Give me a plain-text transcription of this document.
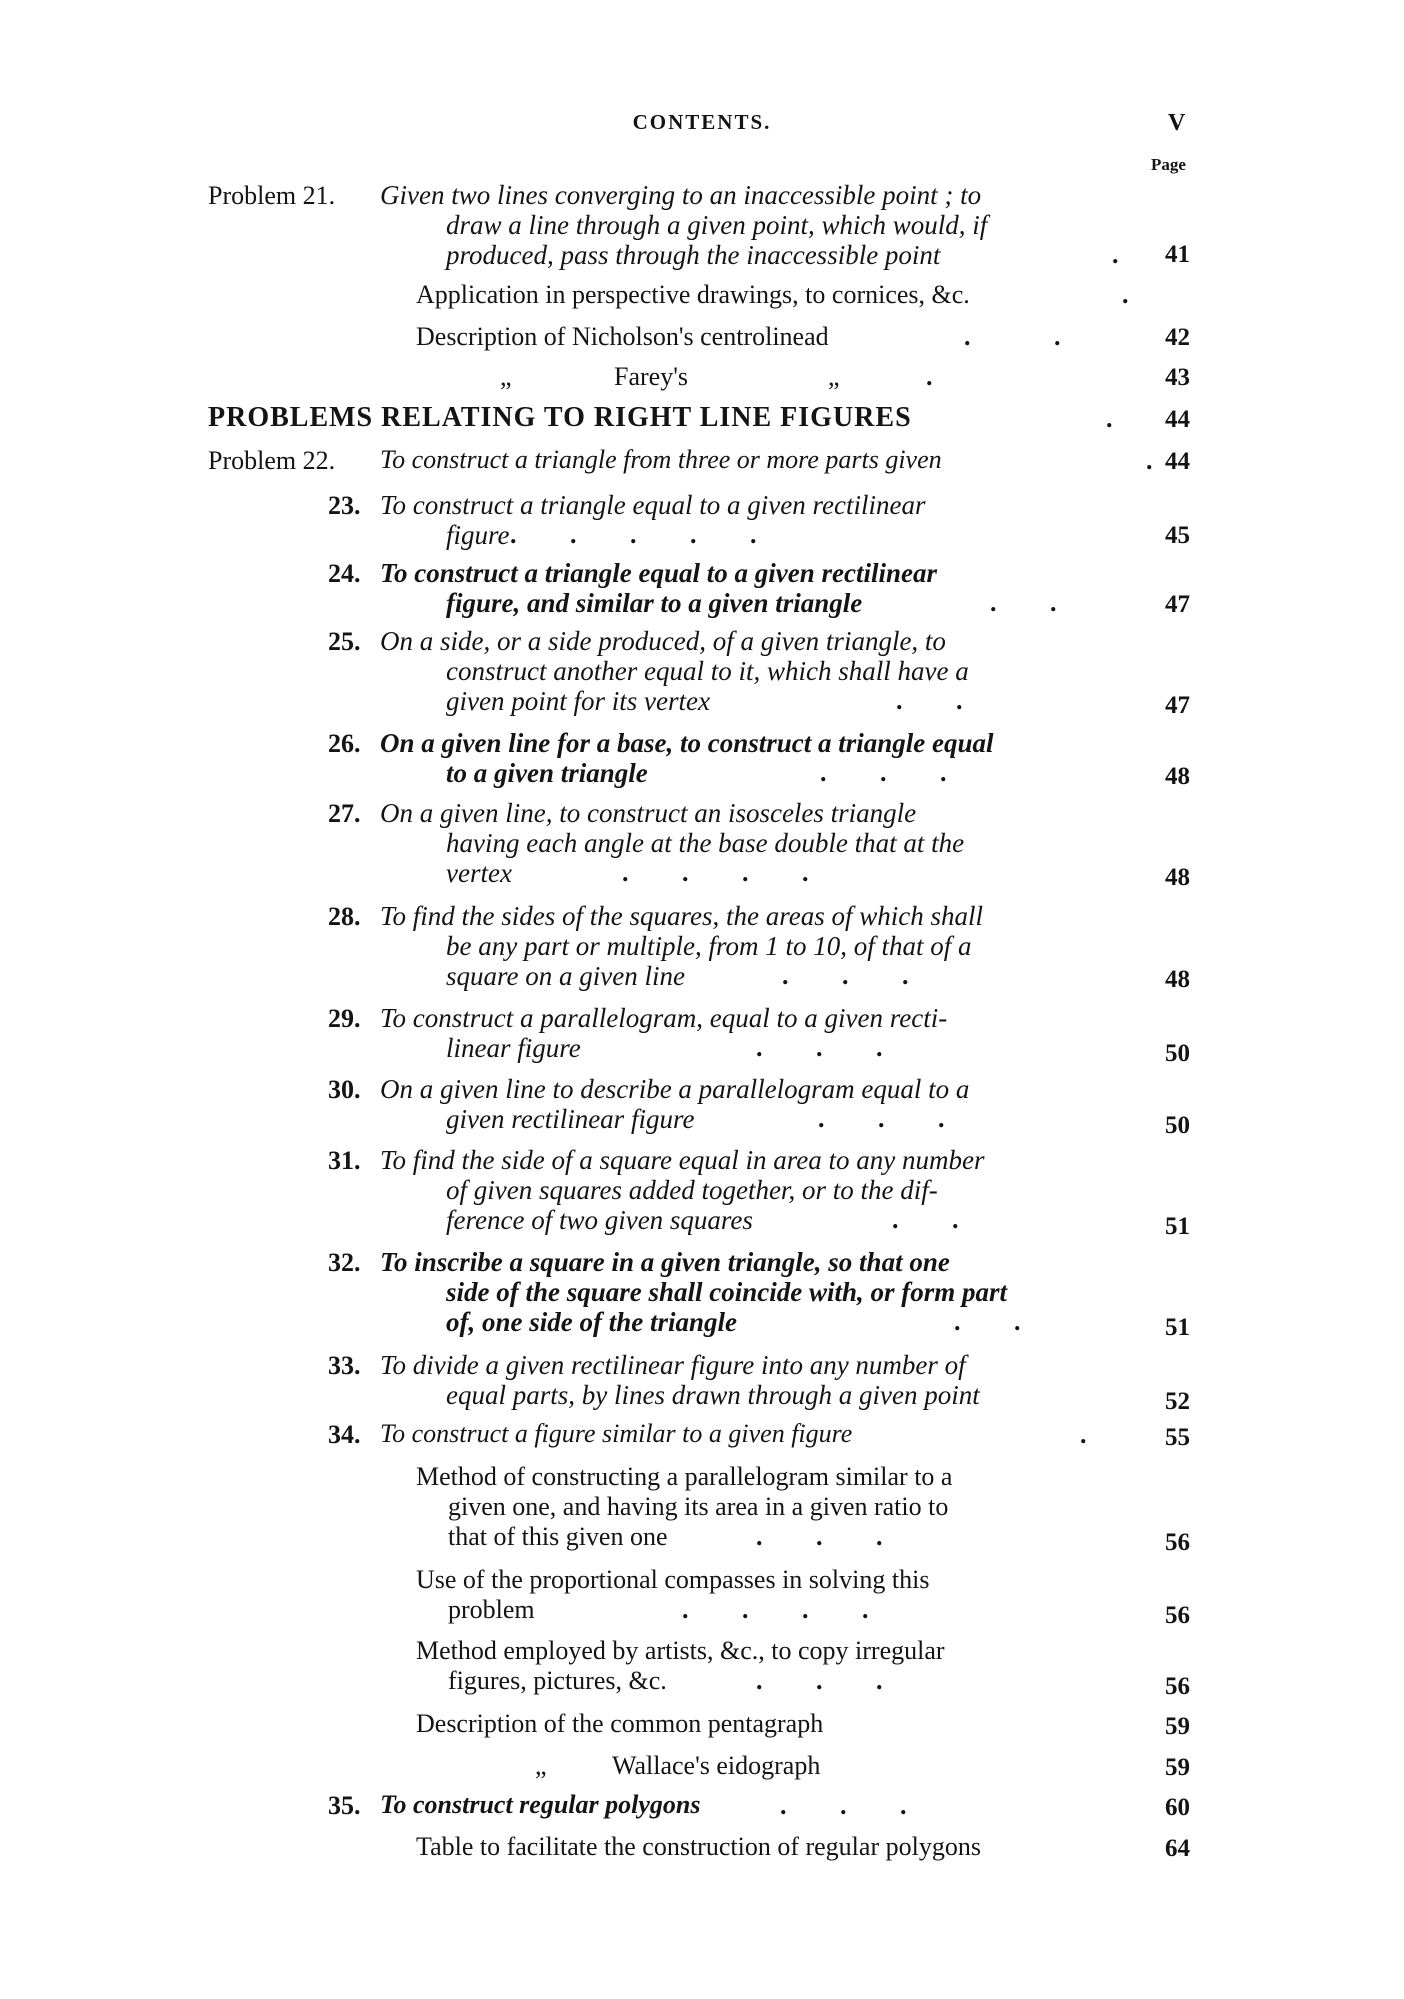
CONTENTS.	V
Page
Problem 21. Given two lines converging to an inaccessible point ; to
draw a line through a given point, which would, if
produced, pass through the inaccessible point	. 41
Application in perspective drawings, to cornices, &c.	.
Description of Nicholson's centrolinead	.           .	42
„	Farey's	„	.	43
PROBLEMS RELATING TO RIGHT LINE FIGURES	. 44
Problem 22. To construct a triangle from three or more parts given	. 44
23. To construct a triangle equal to a given rectilinear
figure .       .       .       .       .	45
24. To construct a triangle equal to a given rectilinear
figure, and similar to a given triangle	.       .	47
25. On a side, or a side produced, of a given triangle, to
construct another equal to it, which shall have a
given point for its vertex	.       .	47
26. On a given line for a base, to construct a triangle equal
to a given triangle	.       .       .	48
27. On a given line, to construct an isosceles triangle
having each angle at the base double that at the
vertex	.       .       .       .	48
28. To find the sides of the squares, the areas of which shall
be any part or multiple, from 1 to 10, of that of a
square on a given line	.       .       .	48
29. To construct a parallelogram, equal to a given recti-
linear figure	.       .       .	50
30. On a given line to describe a parallelogram equal to a
given rectilinear figure	.       .       .	50
31. To find the side of a square equal in area to any number
of given squares added together, or to the dif-
ference of two given squares	.       .	51
32. To inscribe a square in a given triangle, so that one
side of the square shall coincide with, or form part
of, one side of the triangle	.       .	51
33. To divide a given rectilinear figure into any number of
equal parts, by lines drawn through a given point	52
34. To construct a figure similar to a given figure	.	55
Method of constructing a parallelogram similar to a
given one, and having its area in a given ratio to
that of this given one	.       .       .	56
Use of the proportional compasses in solving this
problem	.       .       .       .	56
Method employed by artists, &c., to copy irregular
figures, pictures, &c.	.       .       .	56
Description of the common pentagraph	59
„	Wallace's eidograph	59
35. To construct regular polygons	.       .       .	60
Table to facilitate the construction of regular polygons	64
